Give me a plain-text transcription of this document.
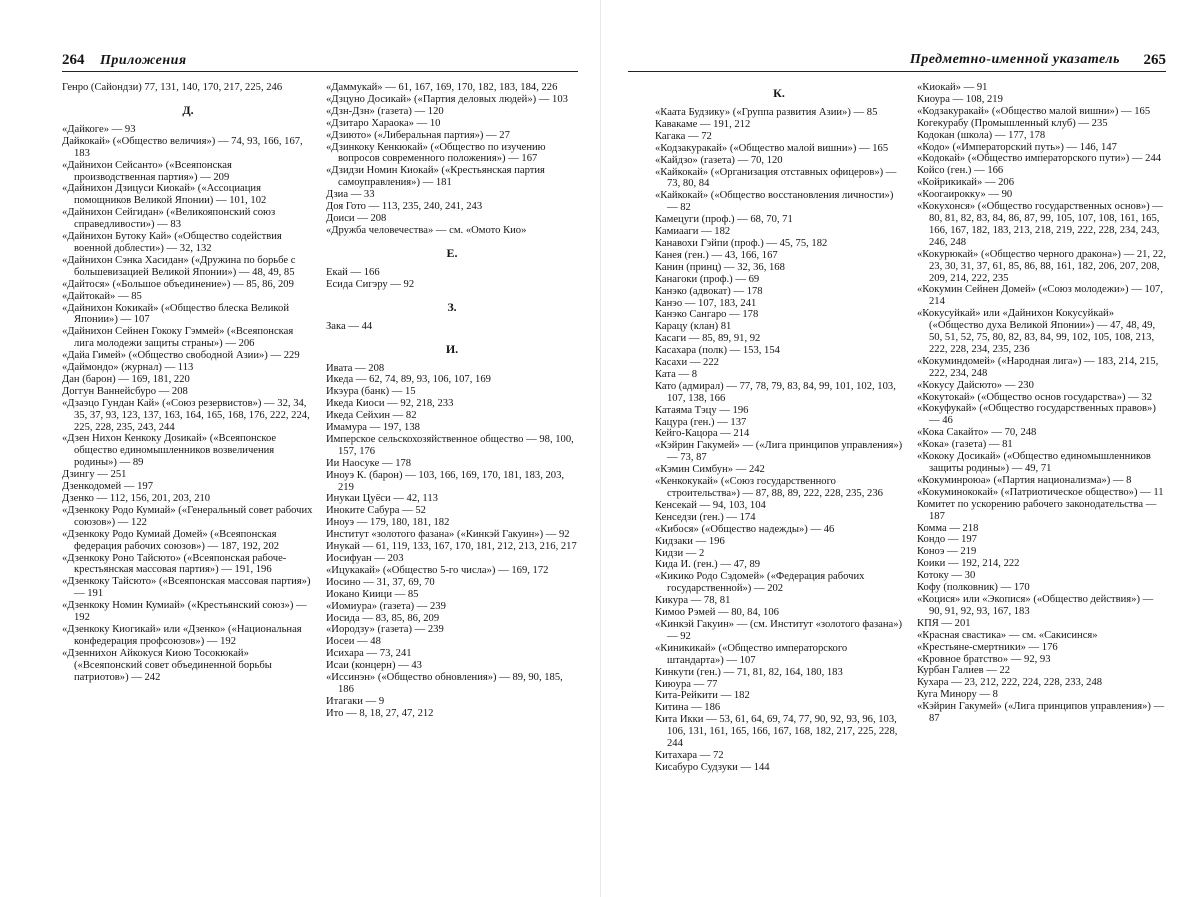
264 Приложения	Предметно-именной указатель 265
Генро (Сайондзи) 77, 131, 140, 170, 217, 225, 246
Д.
«Дайкоге» — 93
Дайкокай» («Общество величия») — 74, 93, 166, 167, 183
«Дайниxон Сейсанто» («Всеяпонская производственная партия») — 209
«Дайниxон Дзицуси Киокай» («Ассоциация помощников Великой Японии) — 101, 102
«Дайниxон Сейгидан» («Великояпонский союз справедливости») — 83
«Дайниxон Бутоку Кай» («Общество содействия военной доблести») — 32, 132
«Дайниxон Сэнка Хасидан» («Дружина по борьбе с большевизацией Великой Японии») — 48, 49, 85
«Дайтося» («Большое объединение») — 85, 86, 209
«Дайтокай» — 85
«Дайниxон Кокикай» («Общество блеска Великой Японии») — 107
«Дайниxон Сейнен Гококу Гэммей» («Всеяпонская лига молодежи защиты страны») — 206
«Дайа Гимей» («Общество свободной Азии») — 229
«Даймондо» (журнал) — 113
Дан (барон) — 169, 181, 220
Доггун Ваннейсбуро — 208
«Дзаэцо Гундан Кай» («Союз резервистов») — 32, 34, 35, 37, 93, 123, 137, 163, 164, 165, 168, 176, 222, 224, 225, 228, 235, 243, 244
«Дзен Ниxон Кенкоку Доsикай» («Всеяпонское общество единомышленников возвеличения родины») — 89
Дзингу — 251
Дзенкодомей — 197
Дзенко — 112, 156, 201, 203, 210
«Дзенкоку Родо Кумиай» («Генеральный совет рабочих союзов») — 122
«Дзенкоку Родо Кумиай Домей» («Всеяпонская федерация рабочих союзов») — 187, 192, 202
«Дзенкоку Роно Тайсюто» («Всеяпонская рабоче-крестьянская массовая партия») — 191, 196
«Дзенкоку Тайсюто» («Всеяпонская массовая партия») — 191
«Дзенкоку Номин Кумиай» («Крестьянский союз») — 192
«Дзенкоку Киогикай» или «Дзенко» («Национальная конфедерация профсоюзов») — 192
«Дзенниxон Айкокуся Киою Тосокюкай» («Всеяпонский совет объединенной борьбы патриотов») — 242
«Даммукай» — 61, 167, 169, 170, 182, 183, 184, 226
«Дзцуно Досикай» («Партия деловых людей») — 103
«Дзн-Дзн» (газета) — 120
«Дзитаро Хараока» — 10
«Дзиюто» («Либеральная партия») — 27
«Дзинкоку Кенкюкай» («Общество по изучению вопросов современного положения») — 167
«Дзидзи Номин Киокай» («Крестьянская партия самоуправления») — 181
Дзиа — 33
Доя Гото — 113, 235, 240, 241, 243
Доиси — 208
«Дружба человечества» — см. «Омото Кио»
Е.
Екай — 166
Есида Сигэру — 92
З.
Зака — 44
И.
Ивата — 208
Икеда — 62, 74, 89, 93, 106, 107, 169
Икэура (банк) — 15
Икеда Киоси — 92, 218, 233
Икеда Сейхин — 82
Имамура — 197, 138
Имперское сельскохозяйственное общество — 98, 100, 157, 176
Ии Наосуке — 178
Иноуэ К. (барон) — 103, 166, 169, 170, 181, 183, 203, 219
Инукаи Цуёси — 42, 113
Иноките Сабура — 52
Иноуэ — 179, 180, 181, 182
Институт «золотого фазана» («Кинкэй Гакуин») — 92
Инукай — 61, 119, 133, 167, 170, 181, 212, 213, 216, 217
Иосифуан — 203
«Ицукакай» («Общество 5-го числа») — 169, 172
Иосино — 31, 37, 69, 70
Иокано Киици — 85
«Иомиура» (газета) — 239
Иосида — 83, 85, 86, 209
«Иородзу» (газета) — 239
Иосеи — 48
Исихара — 73, 241
Исаи (концерн) — 43
«Иссинэн» («Общество обновления») — 89, 90, 185, 186
Итагаки — 9
Ито — 8, 18, 27, 47, 212
К.
«Каата Будзику» («Группа развития Азии») — 85
Кавакаме — 191, 212
Кагака — 72
«Кодзакуракай» («Общество малой вишни») — 165
«Кайдзо» (газета) — 70, 120
«Кайкокай» («Организация отставных офицеров») — 73, 80, 84
«Кайкокай» («Общество восстановления личности») — 82
Камецуги (проф.) — 68, 70, 71
Камиааги — 182
Канавохи Гэйпи (проф.) — 45, 75, 182
Канея (ген.) — 43, 166, 167
Канин (принц) — 32, 36, 168
Канагоки (проф.) — 69
Канэко (адвокат) — 178
Канэо — 107, 183, 241
Канэко Сангаро — 178
Карацу (клан) 81
Касаги — 85, 89, 91, 92
Касахара (полк) — 153, 154
Касахи — 222
Ката — 8
Като (адмирал) — 77, 78, 79, 83, 84, 99, 101, 102, 103, 107, 138, 166
Катаяма Тэцу — 196
Кацура (ген.) — 137
Кейго-Кацора — 214
«Кэйрин Гакумей» — («Лига принципов управления») — 73, 87
«Кэмин Симбун» — 242
«Кенкокукай» («Союз государственного строительства») — 87, 88, 89, 222, 228, 235, 236
Кенсекай — 94, 103, 104
Кенседзи (ген.) — 174
«Кибося» («Общество надежды») — 46
Кидзаки — 196
Кидзи — 2
Кида И. (ген.) — 47, 89
«Кикико Родо Сэдомей» («Федерация рабочих государственной») — 202
Кикура — 78, 81
Кимоо Рэмей — 80, 84, 106
«Кинкэй Гакуин» — (см. Институт «золотого фазана») — 92
«Киникикай» («Общество императорского штандарта») — 107
Кинкути (ген.) — 71, 81, 82, 164, 180, 183
Киюура — 77
Кита-Рейкити — 182
Китина — 186
Кита Икки — 53, 61, 64, 69, 74, 77, 90, 92, 93, 96, 103, 106, 131, 161, 165, 166, 167, 168, 182, 217, 225, 228, 244
Китахара — 72
Кисабуро Судзуки — 144
«Киокай» — 91
Киоура — 108, 219
«Кодзакуракай» («Общество малой вишни») — 165
Когекурабу (Промышленный клуб) — 235
Кодокан (школа) — 177, 178
«Кодо» («Императорский путь») — 146, 147
«Кодокай» («Общество императорского пути») — 244
Койсо (ген.) — 166
«Койрикикай» — 206
«Коогаирокку» — 90
«Кокухонся» («Общество государственных основ») — 80, 81, 82, 83, 84, 86, 87, 99, 105, 107, 108, 161, 165, 166, 167, 182, 183, 213, 218, 219, 222, 228, 234, 243, 246, 248
«Кокурюкай» («Общество черного дракона») — 21, 22, 23, 30, 31, 37, 61, 85, 86, 88, 161, 182, 206, 207, 208, 209, 214, 222, 235
«Кокумин Сейнен Домей» («Союз молодежи») — 107, 214
«Кокусуйкай» или «Дайниxон Кокусуйкай» («Общество духа Великой Японии») — 47, 48, 49, 50, 51, 52, 75, 80, 82, 83, 84, 99, 102, 105, 108, 213, 222, 228, 234, 235, 236
«Кокуминдомей» («Народная лига») — 183, 214, 215, 222, 234, 248
«Кокусу Дайсюто» — 230
«Кокутокай» («Общество основ государства») — 32
«Кокуфукай» («Общество государственных правов») — 46
«Кока Сакайто» — 70, 248
«Кока» (газета) — 81
«Кококу Досикай» («Общество единомышленников защиты родины») — 49, 71
«Кокуминроюа» («Партия национализма») — 8
«Кокуминококай» («Патриотическое общество») — 11
Комитет по ускорению рабочего законодательства — 187
Комма — 218
Кондо — 197
Коноэ — 219
Коики — 192, 214, 222
Котоку — 30
Кофу (полковник) — 170
«Коцися» или «Экопися» («Общество действия») — 90, 91, 92, 93, 167, 183
КПЯ — 201
«Красная свастика» — см. «Сакисинся»
«Крестьяне-смертники» — 176
«Кровное братство» — 92, 93
Курбан Галиев — 22
Кухара — 23, 212, 222, 224, 228, 233, 248
Куга Минору — 8
«Кэйрин Гакумей» («Лига принципов управления») — 87
